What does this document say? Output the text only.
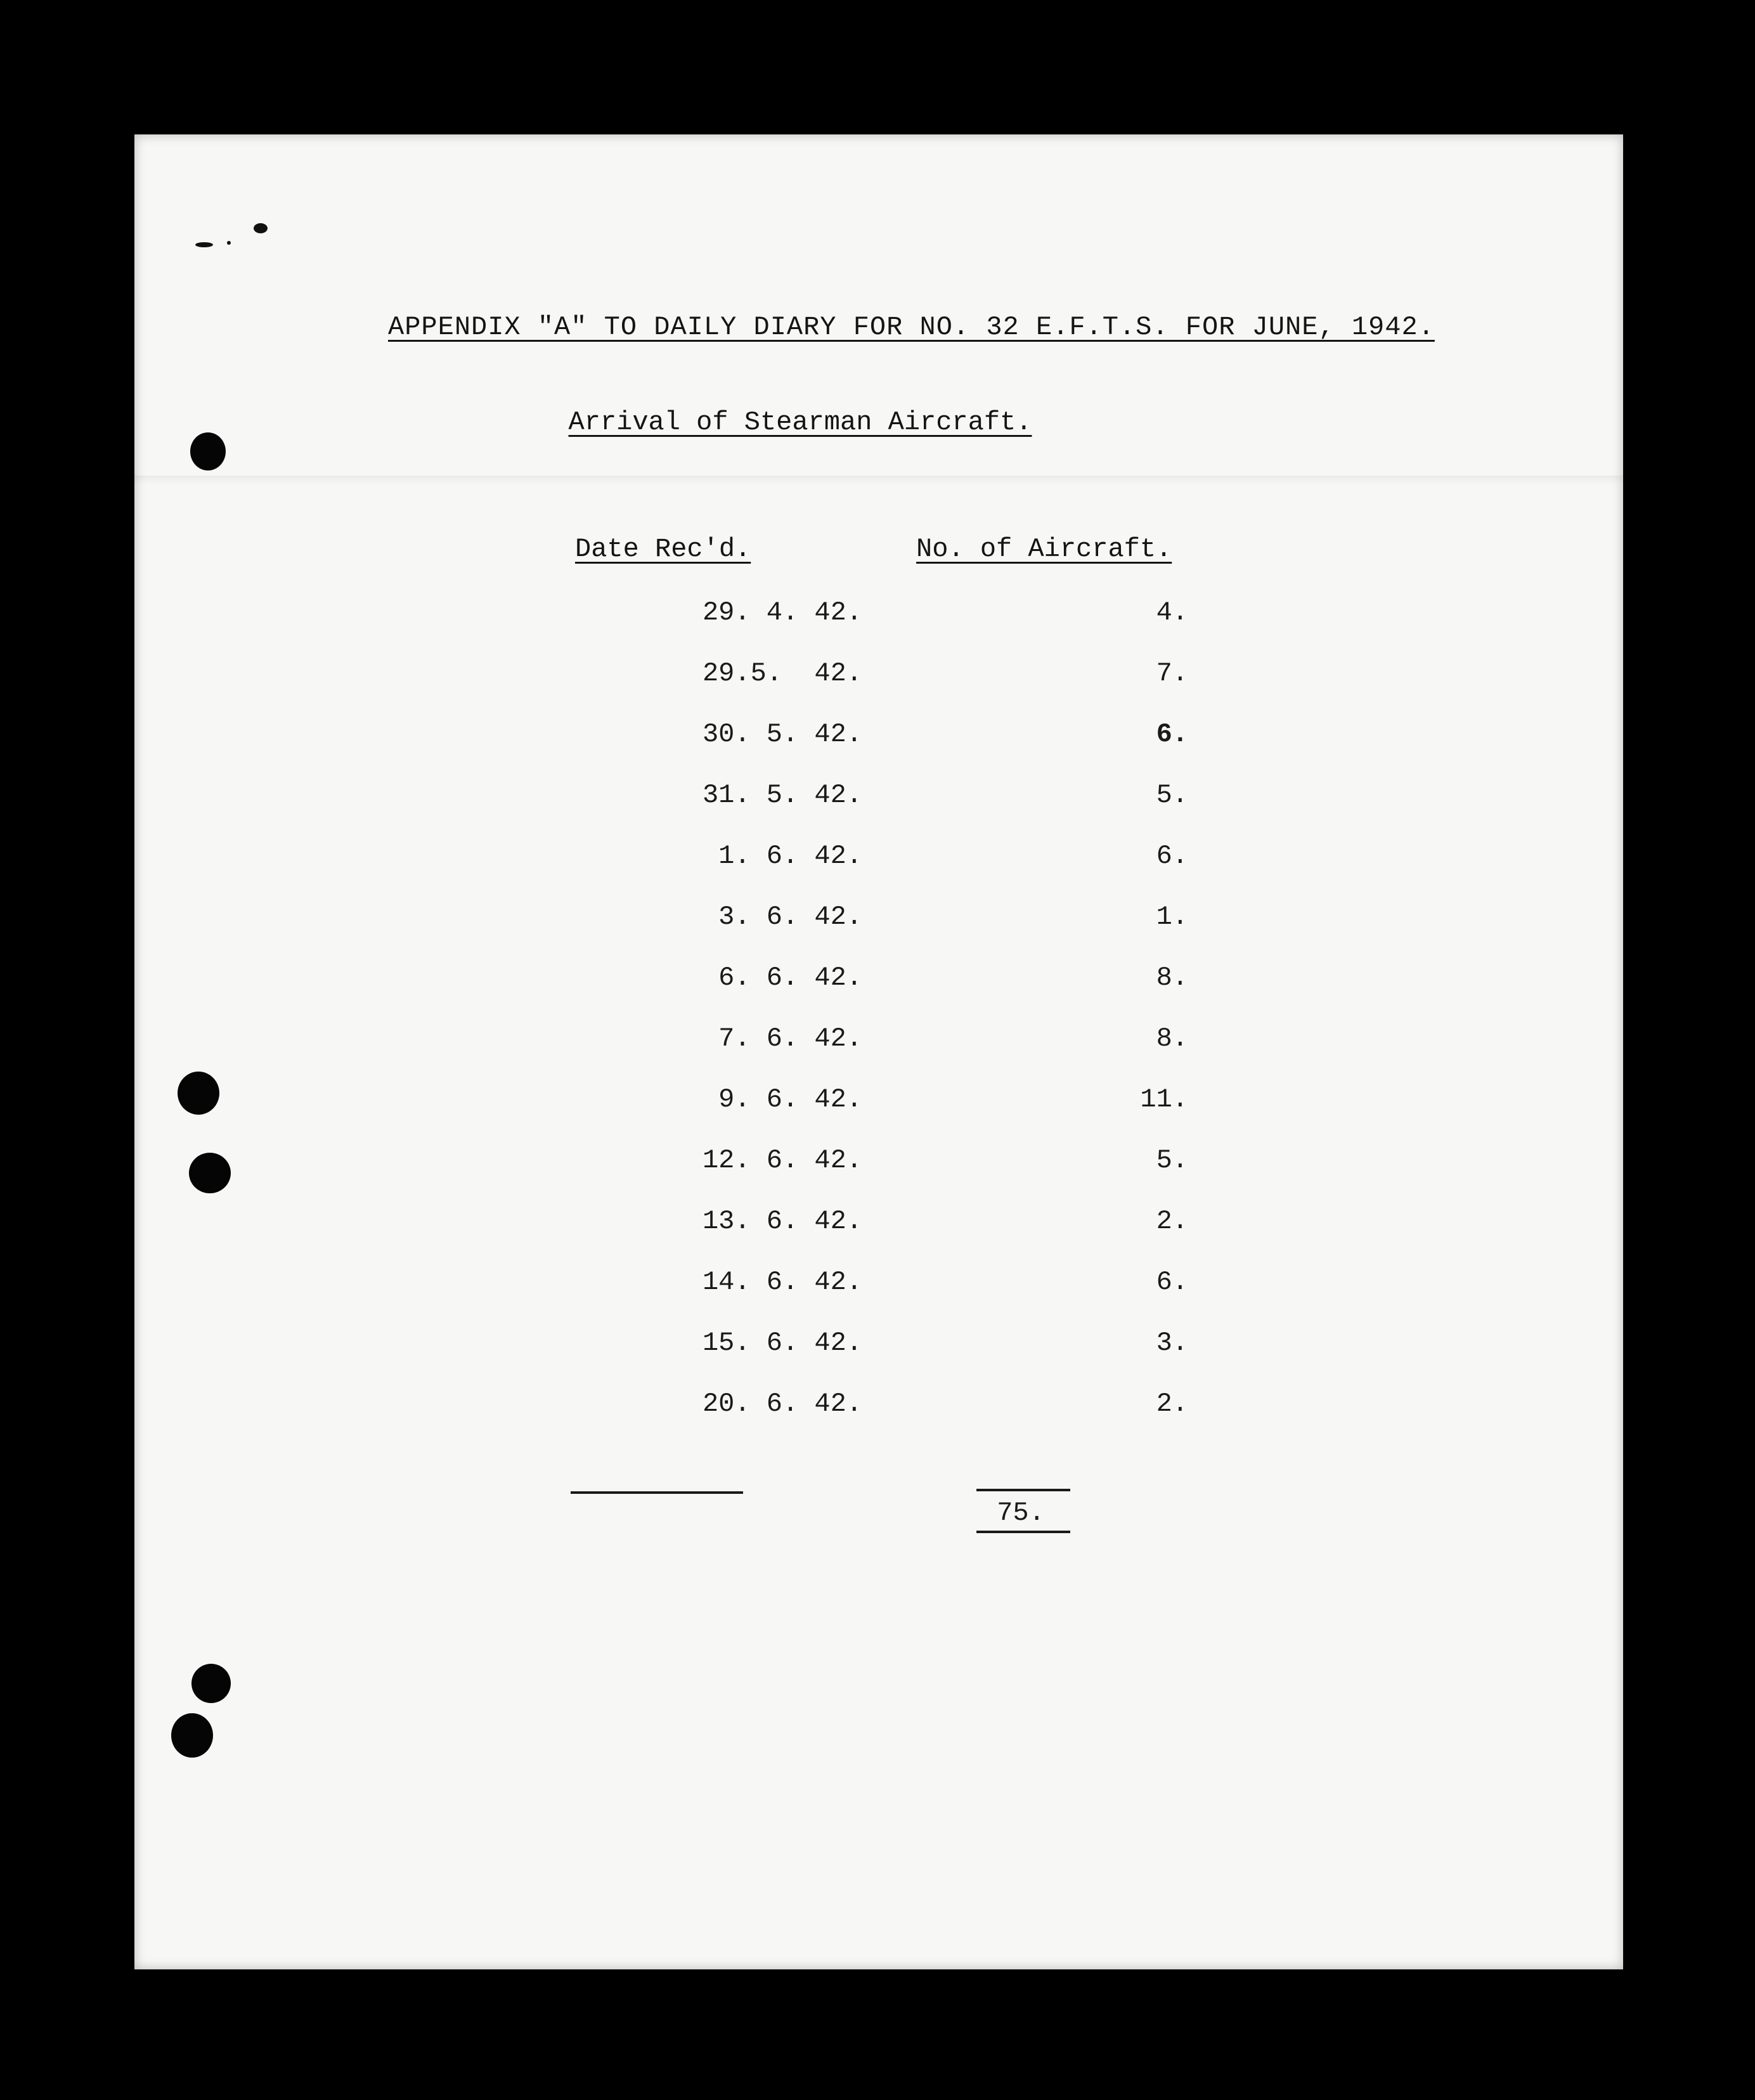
APPENDIX "A" TO DAILY DIARY FOR NO. 32 E.F.T.S. FOR JUNE, 1942.
Arrival of Stearman Aircraft.
Date Rec'd.	No. of Aircraft.
29. 4. 42.	4.
29.5.  42.	7.
30. 5. 42.	6.
31. 5. 42.	5.
1. 6. 42.	6.
3. 6. 42.	1.
6. 6. 42.	8.
7. 6. 42.	8.
9. 6. 42.	11.
12. 6. 42.	5.
13. 6. 42.	2.
14. 6. 42.	6.
15. 6. 42.	3.
20. 6. 42.	2.
75.
